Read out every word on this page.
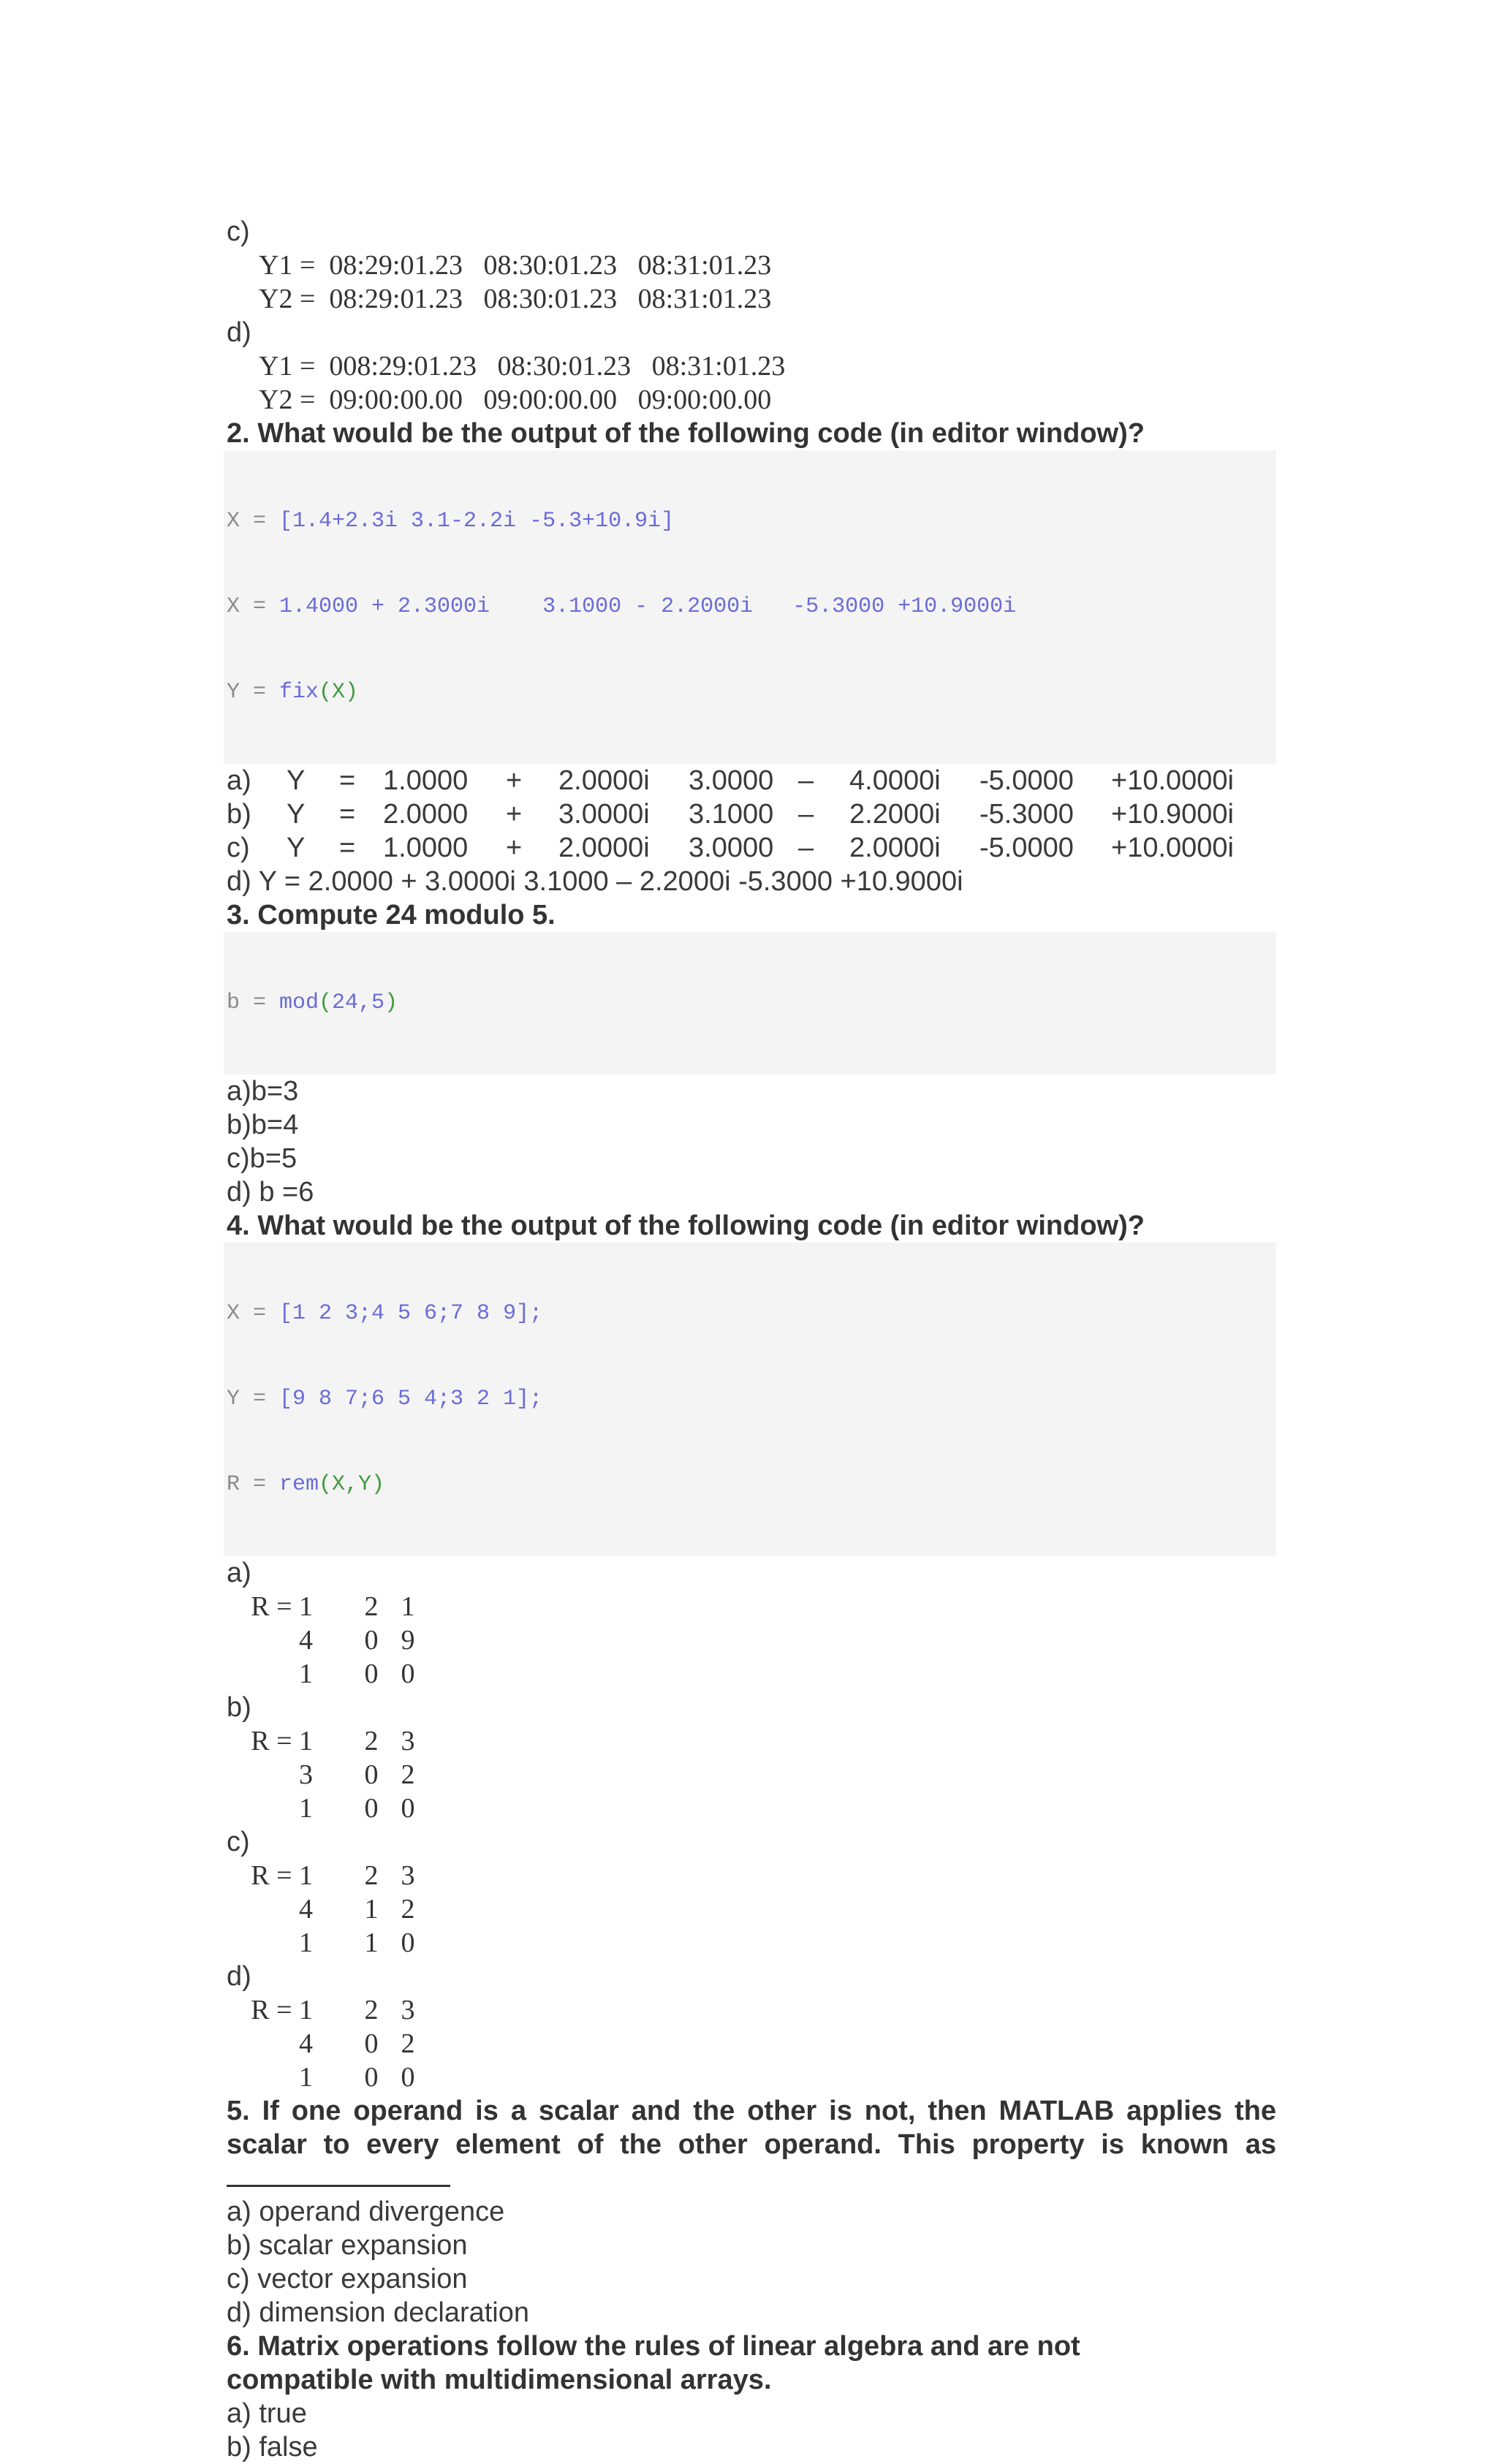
c)
Y1 =  08:29:01.23   08:30:01.23   08:31:01.23
Y2 =  08:29:01.23   08:30:01.23   08:31:01.23
d)
Y1 =  008:29:01.23   08:30:01.23   08:31:01.23
Y2 =  09:00:00.00   09:00:00.00   09:00:00.00
2. What would be the output of the following code (in editor window)?

X = [1.4+2.3i 3.1-2.2i -5.3+10.9i]

X = 1.4000 + 2.3000i    3.1000 - 2.2000i   -5.3000 +10.9000i

Y = fix(X)

a)	Y	= 1.0000	+	2.0000i	3.0000 –	4.0000i	-5.0000	+10.0000i
b)	Y	= 2.0000	+	3.0000i	3.1000 –	2.2000i	-5.3000	+10.9000i
c)	Y	= 1.0000	+	2.0000i	3.0000 –	2.0000i	-5.0000	+10.0000i
d) Y = 2.0000 + 3.0000i 3.1000 – 2.2000i -5.3000 +10.9000i
3. Compute 24 modulo 5.

b = mod(24,5)

a)b=3
b)b=4
c)b=5
d) b =6
4. What would be the output of the following code (in editor window)?

X = [1 2 3;4 5 6;7 8 9];

Y = [9 8 7;6 5 4;3 2 1];

R = rem(X,Y)

a)
R = 1	2 1
4	0 9
1	0 0
b)
R = 1	2 3
3	0 2
1	0 0
c)
R = 1	2 3
4	1 2
1	1 0
d)
R = 1	2 3
4	0 2
1	0 0
5. If one operand is a scalar and the other is not, then MATLAB applies the
scalar to every element of the other operand. This property is known as
a) operand divergence
b) scalar expansion
c) vector expansion
d) dimension declaration
6. Matrix operations follow the rules of linear algebra and are not
compatible with multidimensional arrays.
a) true
b) false
